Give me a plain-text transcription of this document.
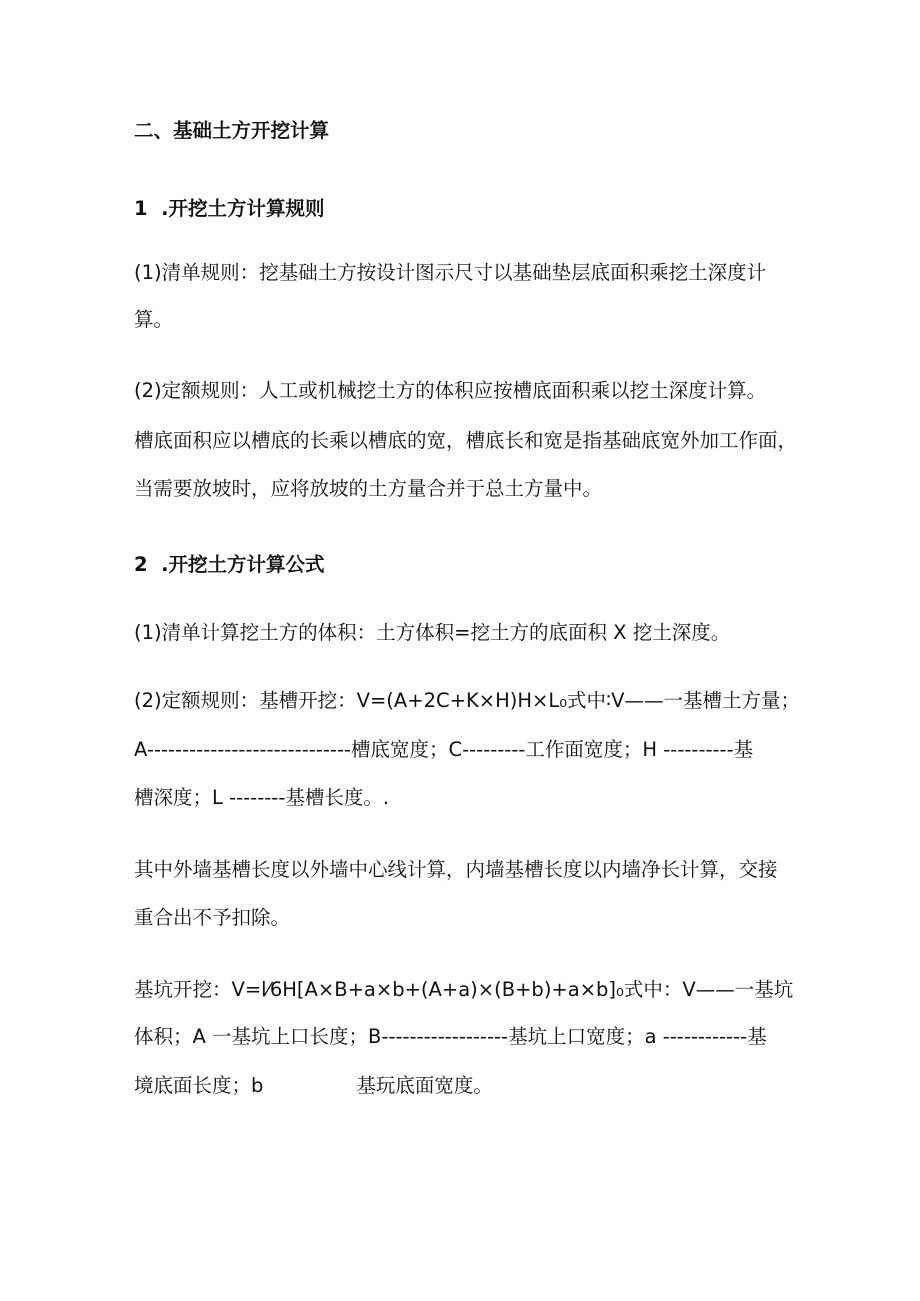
二、基础土方开挖计算

1  .开挖土方计算规则

(1)清单规则：挖基础土方按设计图示尺寸以基础垫层底面积乘挖土深度计

算。

(2)定额规则：人工或机械挖土方的体积应按槽底面积乘以挖土深度计算。

槽底面积应以槽底的长乘以槽底的宽，槽底长和宽是指基础底宽外加工作面，

当需要放坡时，应将放坡的土方量合并于总土方量中。

2  .开挖土方计算公式

(1)清单计算挖土方的体积：土方体积=挖土方的底面积 X 挖土深度。

(2)定额规则：基槽开挖：V=(A+2C+K×H)H×L₀式中∶V——一基槽土方量；

A-----------------------------槽底宽度；C---------工作面宽度；H ----------基

槽深度；L --------基槽长度。.

其中外墙基槽长度以外墙中心线计算，内墙基槽长度以内墙净长计算，交接

重合出不予扣除。

基坑开挖：V=l⁄6H[A×B+a×b+(A+a)×(B+b)+a×b]₀式中：V——一基坑

体积；A 一基坑上口长度；B------------------基坑上口宽度；a ------------基

境底面长度；b               基玩底面宽度。
